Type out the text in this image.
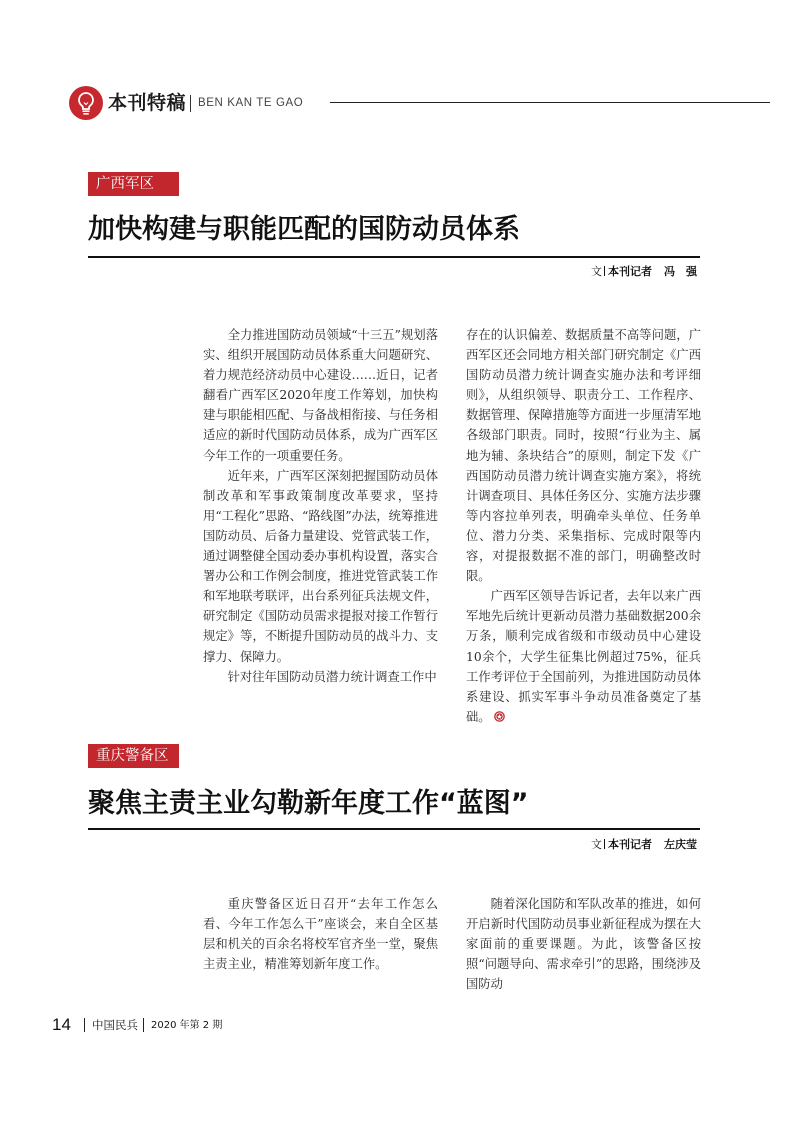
本刊特稿 BEN KAN TE GAO
广西军区
加快构建与职能匹配的国防动员体系
文 本刊记者 冯　强

全力推进国防动员领域“十三五”规划落实、组织开展国防动员体系重大问题研究、着力规范经济动员中心建设……近日，记者翻看广西军区2020年度工作筹划，加快构建与职能相匹配、与备战相衔接、与任务相适应的新时代国防动员体系，成为广西军区今年工作的一项重要任务。

近年来，广西军区深刻把握国防动员体制改革和军事政策制度改革要求，坚持用“工程化”思路、“路线图”办法，统筹推进国防动员、后备力量建设、党管武装工作，通过调整健全国动委办事机构设置，落实合署办公和工作例会制度，推进党管武装工作和军地联考联评，出台系列征兵法规文件，研究制定《国防动员需求提报对接工作暂行规定》等，不断提升国防动员的战斗力、支撑力、保障力。

针对往年国防动员潜力统计调查工作中

存在的认识偏差、数据质量不高等问题，广西军区还会同地方相关部门研究制定《广西国防动员潜力统计调查实施办法和考评细则》，从组织领导、职责分工、工作程序、数据管理、保障措施等方面进一步厘清军地各级部门职责。同时，按照“行业为主、属地为辅、条块结合”的原则，制定下发《广西国防动员潜力统计调查实施方案》，将统计调查项目、具体任务区分、实施方法步骤等内容拉单列表，明确牵头单位、任务单位、潜力分类、采集指标、完成时限等内容，对提报数据不准的部门，明确整改时限。

广西军区领导告诉记者，去年以来广西军地先后统计更新动员潜力基础数据200余万条，顺利完成省级和市级动员中心建设10余个，大学生征集比例超过75%，征兵工作考评位于全国前列，为推进国防动员体系建设、抓实军事斗争动员准备奠定了基础。

重庆警备区
聚焦主责主业勾勒新年度工作“蓝图”
文 本刊记者 左庆莹

重庆警备区近日召开“去年工作怎么看、今年工作怎么干”座谈会，来自全区基层和机关的百余名将校军官齐坐一堂，聚焦主责主业，精准筹划新年度工作。

随着深化国防和军队改革的推进，如何开启新时代国防动员事业新征程成为摆在大家面前的重要课题。为此，该警备区按照“问题导向、需求牵引”的思路，围绕涉及国防动

14 中国民兵 2020 年第 2 期
